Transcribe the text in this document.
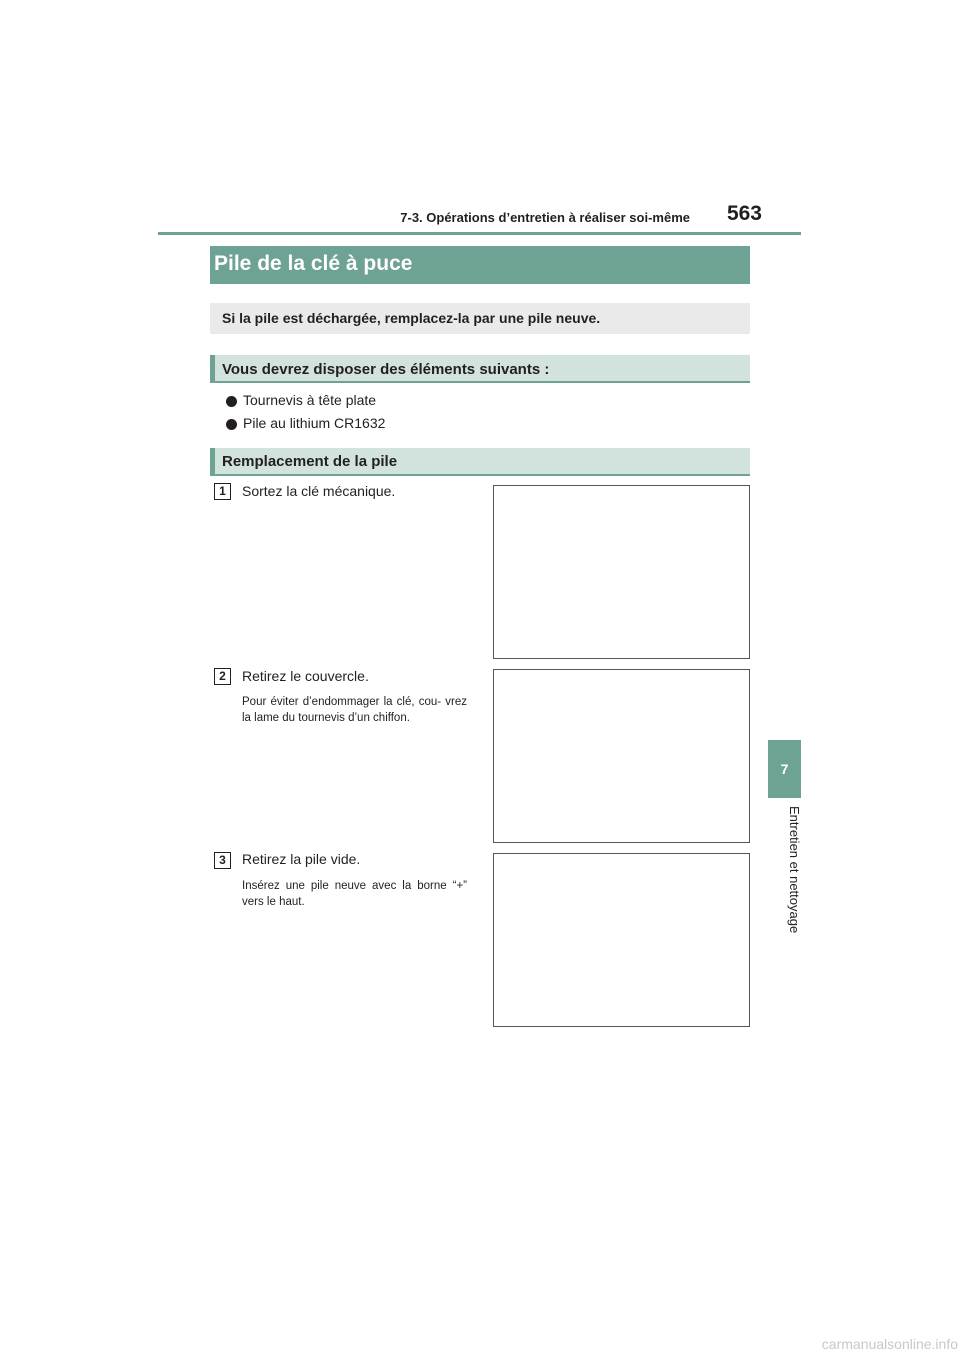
7-3. Opérations d’entretien à réaliser soi-même	563
7
Entretien et nettoyage
Pile de la clé à puce
Si la pile est déchargée, remplacez-la par une pile neuve.
Vous devrez disposer des éléments suivants :
Tournevis à tête plate
Pile au lithium CR1632
Remplacement de la pile
1	Sortez la clé mécanique.
2	Retirez le couvercle.
Pour éviter d’endommager la clé, cou- vrez la lame du tournevis d’un chiffon.
3	Retirez la pile vide.
Insérez une pile neuve avec la borne “+” vers le haut.
carmanualsonline.info
